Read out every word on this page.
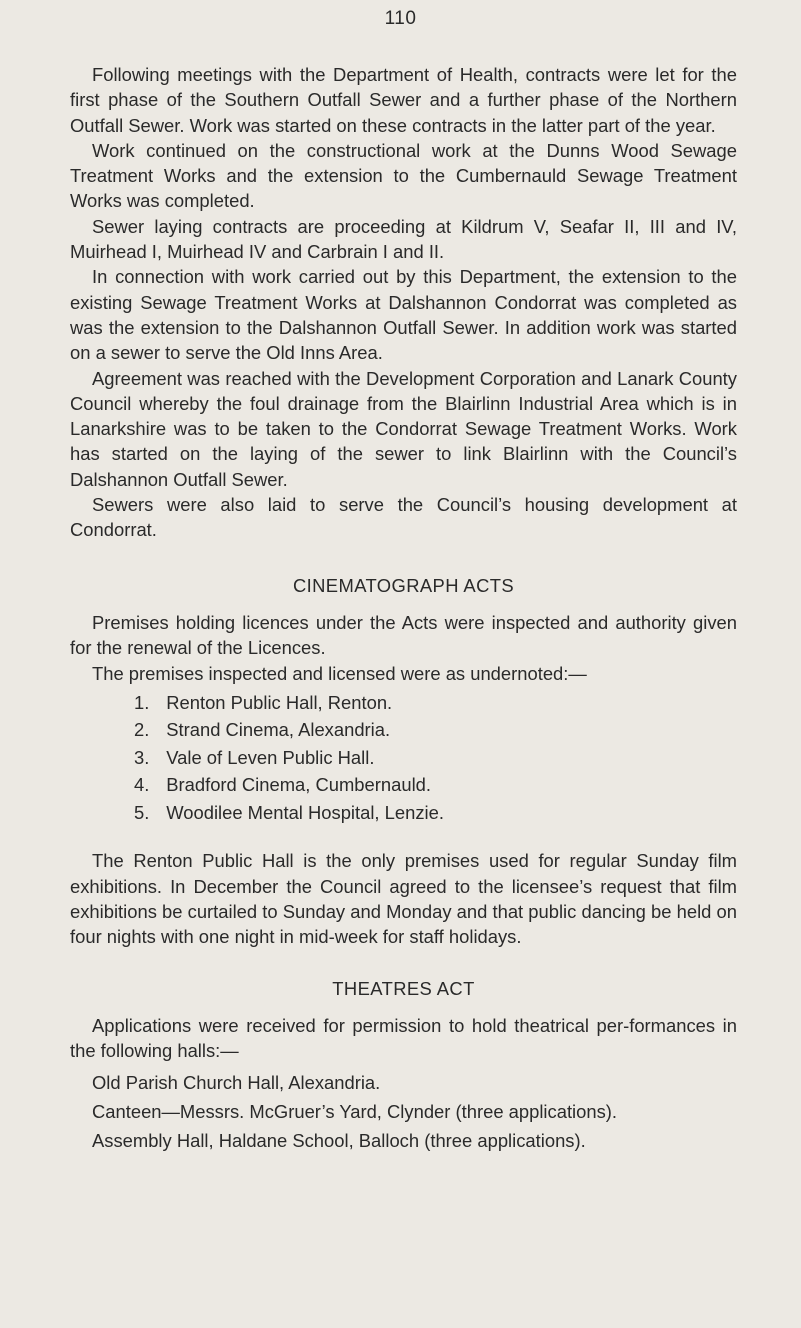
110

Following meetings with the Department of Health, contracts were let for the first phase of the Southern Outfall Sewer and a further phase of the Northern Outfall Sewer. Work was started on these contracts in the latter part of the year.

Work continued on the constructional work at the Dunns Wood Sewage Treatment Works and the extension to the Cumbernauld Sewage Treatment Works was completed.

Sewer laying contracts are proceeding at Kildrum V, Seafar II, III and IV, Muirhead I, Muirhead IV and Carbrain I and II.

In connection with work carried out by this Department, the extension to the existing Sewage Treatment Works at Dalshannon Condorrat was completed as was the extension to the Dalshannon Outfall Sewer. In addition work was started on a sewer to serve the Old Inns Area.

Agreement was reached with the Development Corporation and Lanark County Council whereby the foul drainage from the Blairlinn Industrial Area which is in Lanarkshire was to be taken to the Condorrat Sewage Treatment Works. Work has started on the laying of the sewer to link Blairlinn with the Council’s Dalshannon Outfall Sewer.

Sewers were also laid to serve the Council’s housing development at Condorrat.

CINEMATOGRAPH ACTS

Premises holding licences under the Acts were inspected and authority given for the renewal of the Licences.

The premises inspected and licensed were as undernoted:—

1.
Renton Public Hall, Renton.
2.
Strand Cinema, Alexandria.
3.
Vale of Leven Public Hall.
4.
Bradford Cinema, Cumbernauld.
5.
Woodilee Mental Hospital, Lenzie.

The Renton Public Hall is the only premises used for regular Sunday film exhibitions. In December the Council agreed to the licensee’s request that film exhibitions be curtailed to Sunday and Monday and that public dancing be held on four nights with one night in mid-week for staff holidays.

THEATRES ACT

Applications were received for permission to hold theatrical per-formances in the following halls:—

Old Parish Church Hall, Alexandria.
Canteen—Messrs. McGruer’s Yard, Clynder (three applications).
Assembly Hall, Haldane School, Balloch (three applications).
